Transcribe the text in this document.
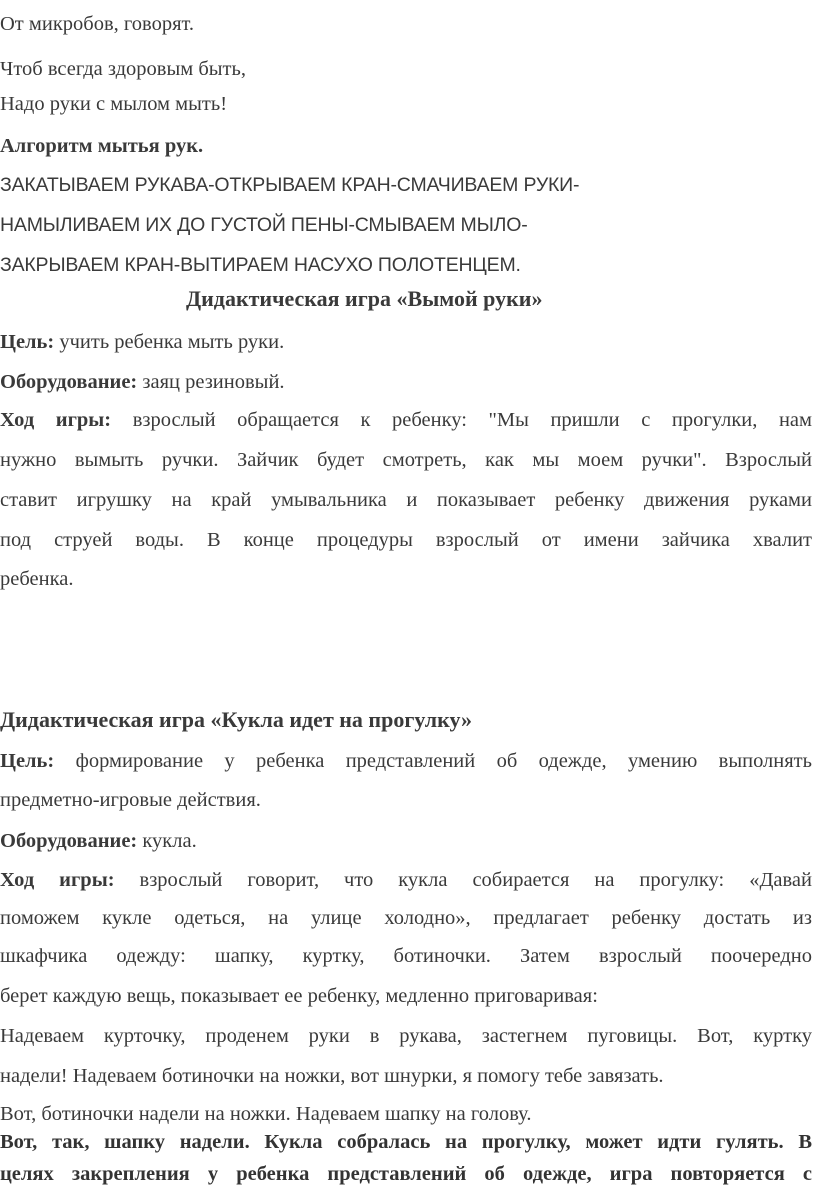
От микробов, говорят.
Чтоб всегда здоровым быть,
Надо руки с мылом мыть!
Алгоритм мытья рук.
ЗАКАТЫВАЕМ РУКАВА-ОТКРЫВАЕМ КРАН-СМАЧИВАЕМ РУКИ-
НАМЫЛИВАЕМ ИХ ДО ГУСТОЙ ПЕНЫ-СМЫВАЕМ МЫЛО-
ЗАКРЫВАЕМ КРАН-ВЫТИРАЕМ НАСУХО ПОЛОТЕНЦЕМ.
Дидактическая игра «Вымой руки»
Цель: учить ребенка мыть руки.
Оборудование: заяц резиновый.
Ход игры: взрослый обращается к ребенку: "Мы пришли с прогулки, нам
нужно вымыть ручки. Зайчик будет смотреть, как мы моем ручки". Взрослый
ставит игрушку на край умывальника и показывает ребенку движения руками
под струей воды. В конце процедуры взрослый от имени зайчика хвалит
ребенка.
Дидактическая игра «Кукла идет на прогулку»
Цель: формирование у ребенка представлений об одежде, умению выполнять
предметно-игровые действия.
Оборудование: кукла.
Ход игры: взрослый говорит, что кукла собирается на прогулку: «Давай
поможем кукле одеться, на улице холодно», предлагает ребенку достать из
шкафчика одежду: шапку, куртку, ботиночки. Затем взрослый поочередно
берет каждую вещь, показывает ее ребенку, медленно приговаривая:
Надеваем курточку, проденем руки в рукава, застегнем пуговицы. Вот, куртку
надели! Надеваем ботиночки на ножки, вот шнурки, я помогу тебе завязать.
Вот, ботиночки надели на ножки. Надеваем шапку на голову.
Вот, так, шапку надели. Кукла собралась на прогулку, может идти гулять. В
целях закрепления у ребенка представлений об одежде, игра повторяется с
